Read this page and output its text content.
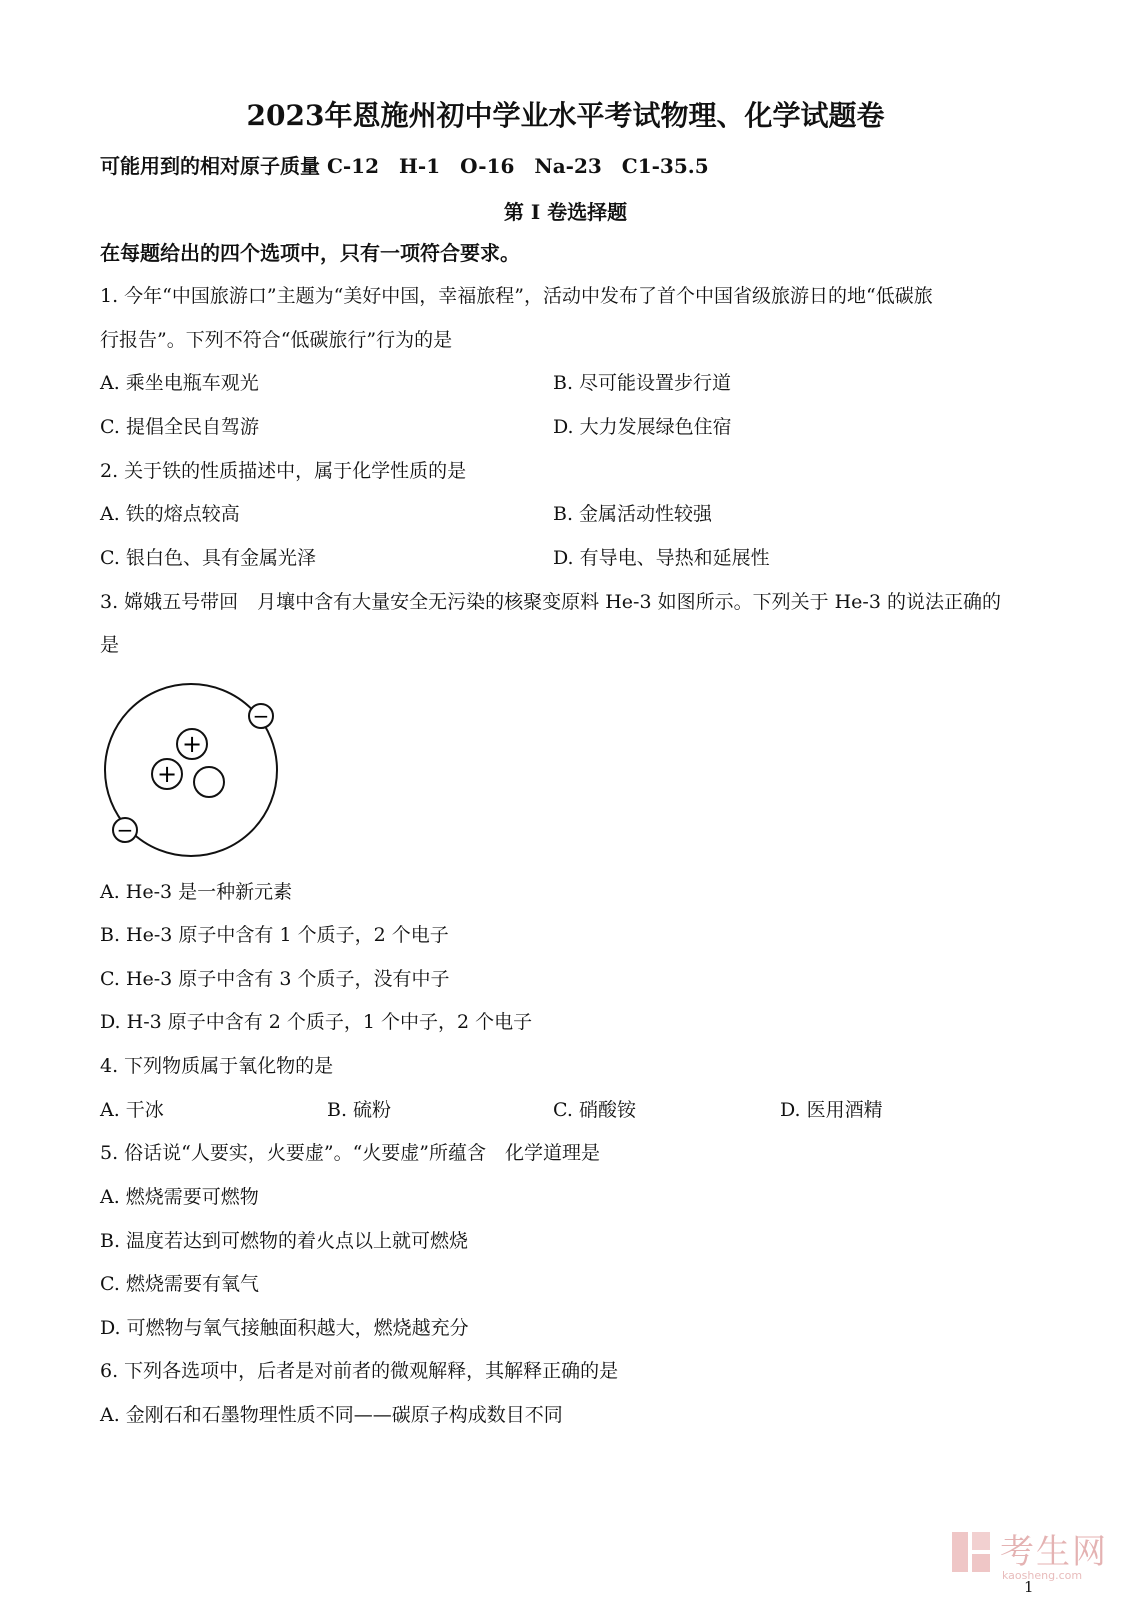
2023年恩施州初中学业水平考试物理、化学试题卷
可能用到的相对原子质量 C-12　H-1　O-16　Na-23　C1-35.5
第 I 卷选择题
在每题给出的四个选项中，只有一项符合要求。
1. 今年“中国旅游口”主题为“美好中国，幸福旅程”，活动中发布了首个中国省级旅游日的地“低碳旅
行报告”。下列不符合“低碳旅行”行为的是
A. 乘坐电瓶车观光	B. 尽可能设置步行道
C. 提倡全民自驾游	D. 大力发展绿色住宿
2. 关于铁的性质描述中，属于化学性质的是
A. 铁的熔点较高	B. 金属活动性较强
C. 银白色、具有金属光泽	D. 有导电、导热和延展性
3. 嫦娥五号带回　月壤中含有大量安全无污染的核聚变原料 He-3 如图所示。下列关于 He-3 的说法正确的
是
+
+
−
−
A. He-3 是一种新元素
B. He-3 原子中含有 1 个质子，2 个电子
C. He-3 原子中含有 3 个质子，没有中子
D. H-3 原子中含有 2 个质子，1 个中子，2 个电子
4. 下列物质属于氧化物的是
A. 干冰	B. 硫粉	C. 硝酸铵	D. 医用酒精
5. 俗话说“人要实，火要虚”。“火要虚”所蕴含　化学道理是
A. 燃烧需要可燃物
B. 温度若达到可燃物的着火点以上就可燃烧
C. 燃烧需要有氧气
D. 可燃物与氧气接触面积越大，燃烧越充分
6. 下列各选项中，后者是对前者的微观解释，其解释正确的是
A. 金刚石和石墨物理性质不同——碳原子构成数目不同
考生网
kaosheng.com
1
